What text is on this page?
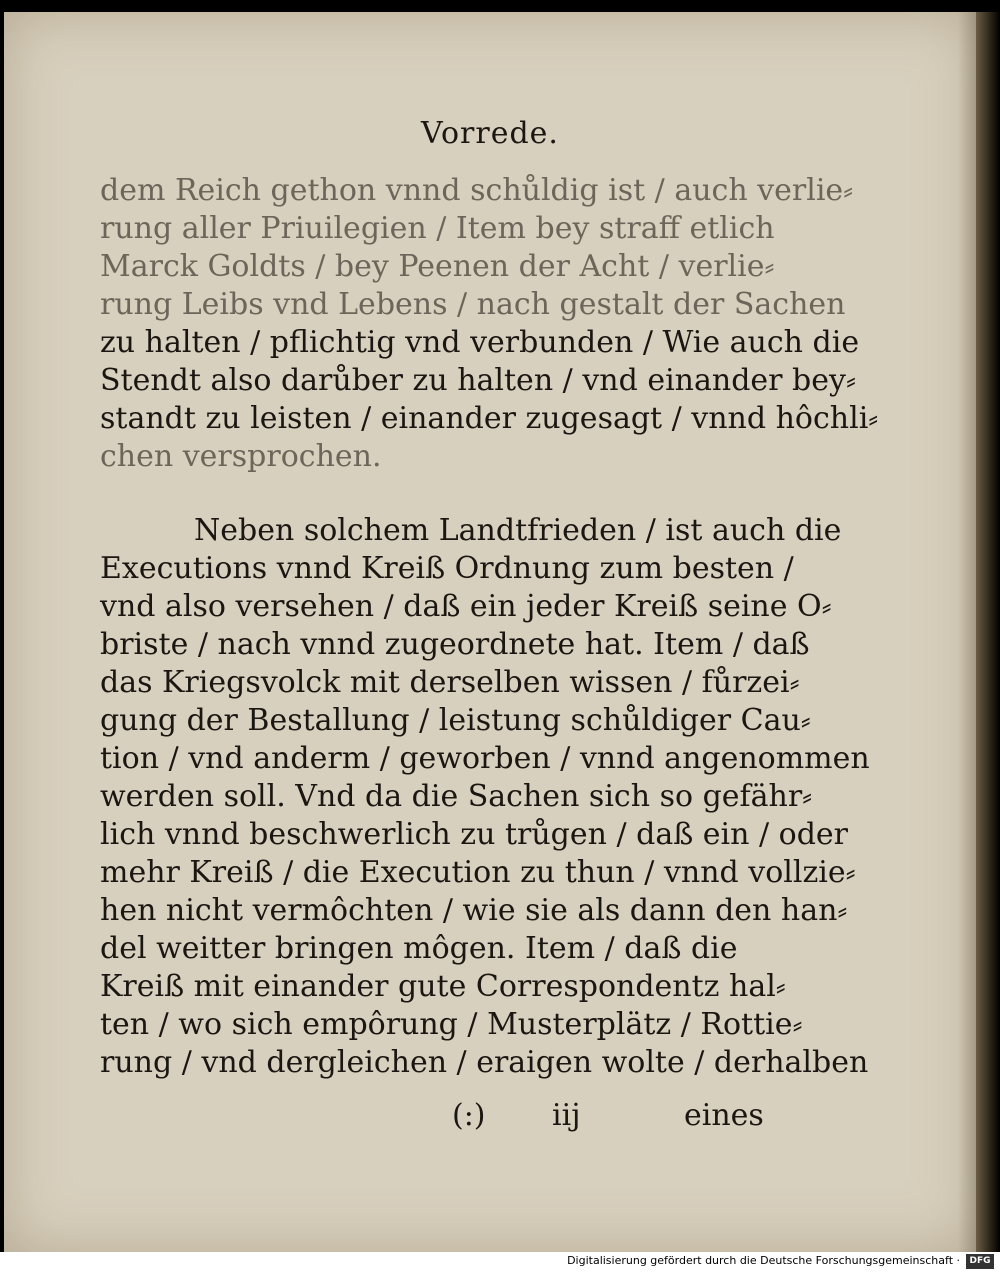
Vorrede.
dem Reich gethon vnnd schůldig ist / auch verlie⸗
rung aller Priuilegien / Item bey straff etlich
Marck Goldts / bey Peenen der Acht / verlie⸗
rung Leibs vnd Lebens / nach gestalt der Sachen
zu halten / pflichtig vnd verbunden / Wie auch die
Stendt also darůber zu halten / vnd einander bey⸗
standt zu leisten / einander zugesagt / vnnd hôchli⸗
chen versprochen.
Neben solchem Landtfrieden / ist auch die
Executions vnnd Kreiß Ordnung zum besten /
vnd also versehen / daß ein jeder Kreiß seine O⸗
briste / nach vnnd zugeordnete hat. Item / daß
das Kriegsvolck mit derselben wissen / fůrzei⸗
gung der Bestallung / leistung schůldiger Cau⸗
tion / vnd anderm / geworben / vnnd angenommen
werden soll. Vnd da die Sachen sich so gefähr⸗
lich vnnd beschwerlich zu trůgen / daß ein / oder
mehr Kreiß / die Execution zu thun / vnnd vollzie⸗
hen nicht vermôchten / wie sie als dann den han⸗
del weitter bringen môgen. Item / daß die
Kreiß mit einander gute Correspondentz hal⸗
ten / wo sich empôrung / Musterplätz / Rottie⸗
rung / vnd dergleichen / eraigen wolte / derhalben
(:) iij	eines
Digitalisierung gefördert durch die Deutsche Forschungsgemeinschaft ·	DFG
